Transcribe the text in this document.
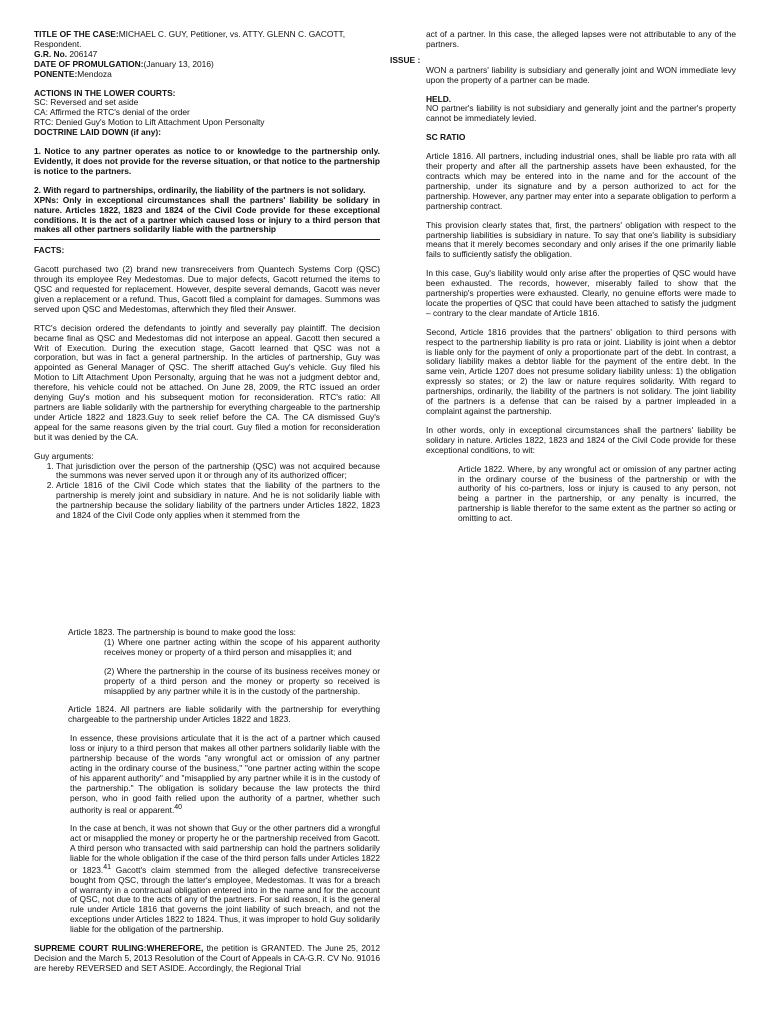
TITLE OF THE CASE:MICHAEL C. GUY, Petitioner, vs. ATTY. GLENN C. GACOTT, Respondent.

G.R. No. 206147

DATE OF PROMULGATION:(January 13, 2016)

PONENTE:Mendoza

ACTIONS IN THE LOWER COURTS:

SC: Reversed and set aside

CA: Affirmed the RTC's denial of the order

RTC: Denied Guy's Motion to Lift Attachment Upon Personalty

DOCTRINE LAID DOWN (if any):

1. Notice to any partner operates as notice to or knowledge to the partnership only. Evidently, it does not provide for the reverse situation, or that notice to the partnership is notice to the partners.

2. With regard to partnerships, ordinarily, the liability of the partners is not solidary.

XPNs: Only in exceptional circumstances shall the partners' liability be solidary in nature. Articles 1822, 1823 and 1824 of the Civil Code provide for these exceptional conditions. It is the act of a partner which caused loss or injury to a third person that makes all other partners solidarily liable with the partnership

FACTS:

Gacott purchased two (2) brand new transreceivers from Quantech Systems Corp (QSC) through its employee Rey Medestomas. Due to major defects, Gacott returned the items to QSC and requested for replacement. However, despite several demands, Gacott was never given a replacement or a refund. Thus, Gacott filed a complaint for damages. Summons was served upon QSC and Medestomas, afterwhich they filed their Answer.

RTC's decision ordered the defendants to jointly and severally pay plaintiff. The decision became final as QSC and Medestomas did not interpose an appeal. Gacott then secured a Writ of Execution. During the execution stage, Gacott learned that QSC was not a corporation, but was in fact a general partnership. In the articles of partnership, Guy was appointed as General Manager of QSC. The sheriff attached Guy's vehicle. Guy filed his Motion to Lift Attachment Upon Personalty, arguing that he was not a judgment debtor and, therefore, his vehicle could not be attached. On June 28, 2009, the RTC issued an order denying Guy's motion and his subsequent motion for reconsideration. RTC's ratio: All partners are liable solidarily with the partnership for everything chargeable to the partnership under Article 1822 and 1823.Guy to seek relief before the CA. The CA dismissed Guy's appeal for the same reasons given by the trial court. Guy filed a motion for reconsideration but it was denied by the CA.

Guy arguments:

1. That jurisdiction over the person of the partnership (QSC) was not acquired because the summons was never served upon it or through any of its authorized officer;
2. Article 1816 of the Civil Code which states that the liability of the partners to the partnership is merely joint and subsidiary in nature. And he is not solidarily liable with the partnership because the solidary liability of the partners under Articles 1822, 1823 and 1824 of the Civil Code only applies when it stemmed from the

act of a partner. In this case, the alleged lapses were not attributable to any of the partners.

ISSUE :

WON a partners' liability is subsidiary and generally joint and WON immediate levy upon the property of a partner can be made.

HELD.

NO partner's liability is not subsidiary and generally joint and the partner's property cannot be immediately levied.

SC RATIO

Article 1816. All partners, including industrial ones, shall be liable pro rata with all their property and after all the partnership assets have been exhausted, for the contracts which may be entered into in the name and for the account of the partnership, under its signature and by a person authorized to act for the partnership. However, any partner may enter into a separate obligation to perform a partnership contract.

This provision clearly states that, first, the partners' obligation with respect to the partnership liabilities is subsidiary in nature. To say that one's liability is subsidiary means that it merely becomes secondary and only arises if the one primarily liable fails to sufficiently satisfy the obligation.

In this case, Guy's liability would only arise after the properties of QSC would have been exhausted. The records, however, miserably failed to show that the partnership's properties were exhausted. Clearly, no genuine efforts were made to locate the properties of QSC that could have been attached to satisfy the judgment – contrary to the clear mandate of Article 1816.

Second, Article 1816 provides that the partners' obligation to third persons with respect to the partnership liability is pro rata or joint. Liability is joint when a debtor is liable only for the payment of only a proportionate part of the debt. In contrast, a solidary liability makes a debtor liable for the payment of the entire debt. In the same vein, Article 1207 does not presume solidary liability unless: 1) the obligation expressly so states; or 2) the law or nature requires solidarity. With regard to partnerships, ordinarily, the liability of the partners is not solidary. The joint liability of the partners is a defense that can be raised by a partner impleaded in a complaint against the partnership.

In other words, only in exceptional circumstances shall the partners' liability be solidary in nature. Articles 1822, 1823 and 1824 of the Civil Code provide for these exceptional conditions, to wit:

Article 1822. Where, by any wrongful act or omission of any partner acting in the ordinary course of the business of the partnership or with the authority of his co-partners, loss or injury is caused to any person, not being a partner in the partnership, or any penalty is incurred, the partnership is liable therefor to the same extent as the partner so acting or omitting to act.

Article 1823. The partnership is bound to make good the loss:

(1) Where one partner acting within the scope of his apparent authority receives money or property of a third person and misapplies it; and

(2) Where the partnership in the course of its business receives money or property of a third person and the money or property so received is misapplied by any partner while it is in the custody of the partnership.

Article 1824. All partners are liable solidarily with the partnership for everything chargeable to the partnership under Articles 1822 and 1823.

In essence, these provisions articulate that it is the act of a partner which caused loss or injury to a third person that makes all other partners solidarily liable with the partnership because of the words "any wrongful act or omission of any partner acting in the ordinary course of the business," "one partner acting within the scope of his apparent authority" and "misapplied by any partner while it is in the custody of the partnership." The obligation is solidary because the law protects the third person, who in good faith relied upon the authority of a partner, whether such authority is real or apparent.$^{40}$

In the case at bench, it was not shown that Guy or the other partners did a wrongful act or misapplied the money or property he or the partnership received from Gacott. A third person who transacted with said partnership can hold the partners solidarily liable for the whole obligation if the case of the third person falls under Articles 1822 or 1823.41 Gacott's claim stemmed from the alleged defective transreceiverse bought from QSC, through the latter's employee, Medestomas. It was for a breach of warranty in a contractual obligation entered into in the name and for the account of QSC, not due to the acts of any of the partners. For said reason, it is the general rule under Article 1816 that governs the joint liability of such breach, and not the exceptions under Articles 1822 to 1824. Thus, it was improper to hold Guy solidarily liable for the obligation of the partnership.

SUPREME COURT RULING:WHEREFORE, the petition is GRANTED. The June 25, 2012 Decision and the March 5, 2013 Resolution of the Court of Appeals in CA-G.R. CV No. 91016 are hereby REVERSED and SET ASIDE. Accordingly, the Regional Trial
